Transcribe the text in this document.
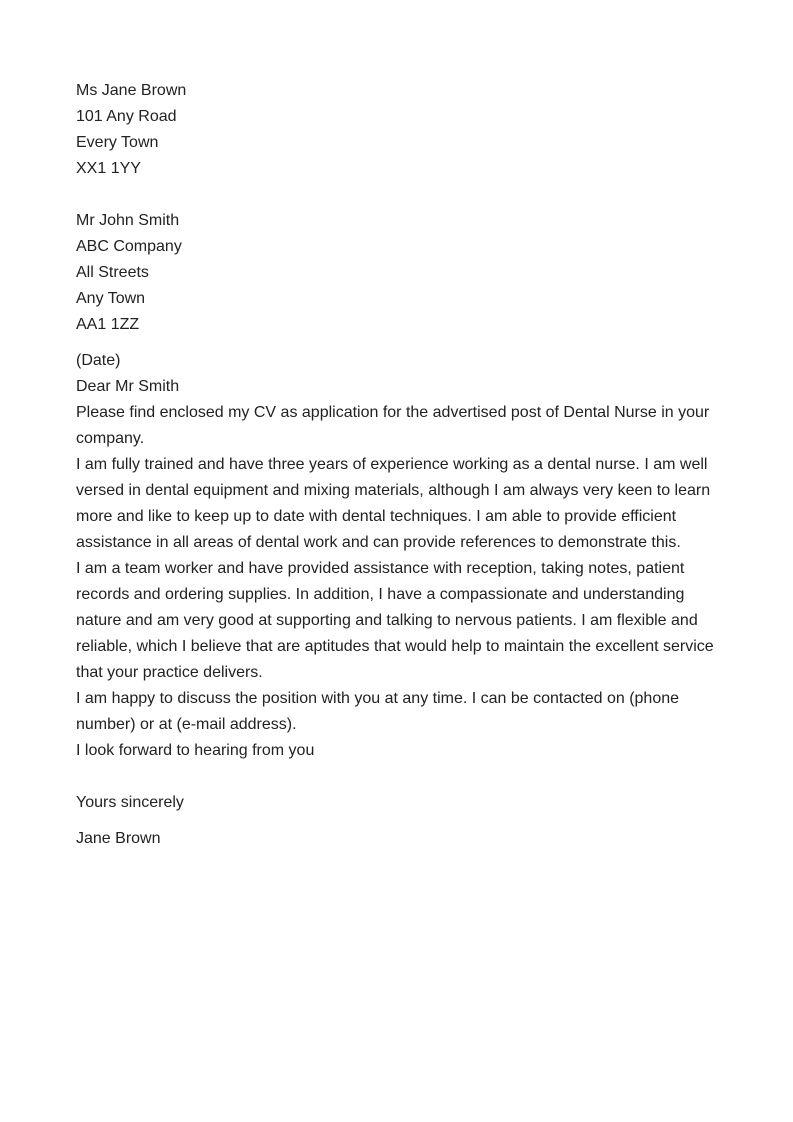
Ms Jane Brown
101 Any Road
Every Town
XX1 1YY
Mr John Smith
ABC Company
All Streets
Any Town
AA1 1ZZ
(Date)
Dear Mr Smith

Please find enclosed my CV as application for the advertised post of Dental Nurse in your company.

I am fully trained and have three years of experience working as a dental nurse. I am well versed in dental equipment and mixing materials, although I am always very keen to learn more and like to keep up to date with dental techniques. I am able to provide efficient assistance in all areas of dental work and can provide references to demonstrate this.

I am a team worker and have provided assistance with reception, taking notes, patient records and ordering supplies. In addition, I have a compassionate and understanding nature and am very good at supporting and talking to nervous patients. I am flexible and reliable, which I believe that are aptitudes that would help to maintain the excellent service that your practice delivers.

I am happy to discuss the position with you at any time. I can be contacted on (phone number) or at (e-mail address).

I look forward to hearing from you

Yours sincerely
Jane Brown
